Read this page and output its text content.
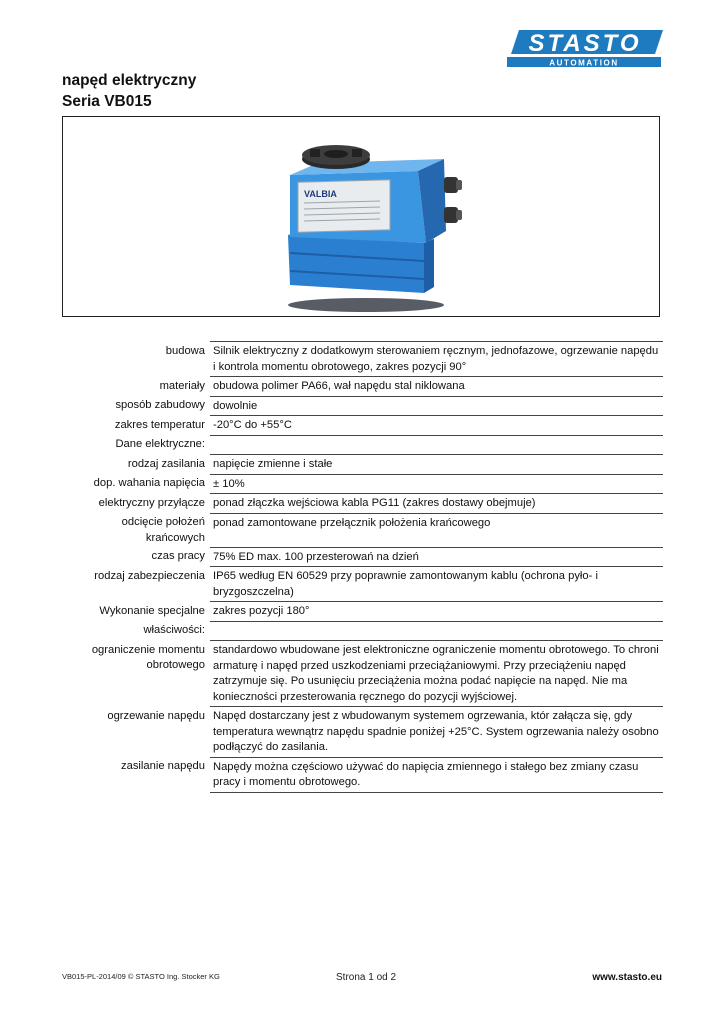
STASTO
AUTOMATION
napęd elektryczny
Seria VB015
VALBIA
budowa	Silnik elektryczny z dodatkowym sterowaniem ręcznym, jednofazowe, ogrzewanie napędu i kontrola momentu obrotowego, zakres pozycji 90°
materiały	obudowa polimer PA66, wał napędu stal niklowana
sposób zabudowy	dowolnie
zakres temperatur	-20°C do +55°C
Dane elektryczne:	
rodzaj zasilania	napięcie zmienne i stałe
dop. wahania napięcia	± 10%
elektryczny przyłącze	ponad złączka wejściowa kabla PG11 (zakres dostawy obejmuje)
odcięcie położeń krańcowych	ponad zamontowane przełącznik położenia krańcowego
czas pracy	75% ED max. 100 przesterowań na dzień
rodzaj zabezpieczenia	IP65 według EN 60529 przy poprawnie zamontowanym kablu (ochrona pyło- i bryzgoszczelna)
Wykonanie specjalne	zakres pozycji 180°
właściwości:	
ograniczenie momentu obrotowego	standardowo wbudowane jest elektroniczne ograniczenie momentu obrotowego. To chroni armaturę i napęd przed uszkodzeniami przeciążaniowymi. Przy przeciążeniu napęd zatrzymuje się. Po usunięciu przeciążenia można podać napięcie na napęd. Nie ma konieczności przesterowania ręcznego do pozycji wyjściowej.
ogrzewanie napędu	Napęd dostarczany jest z wbudowanym systemem ogrzewania, któr załącza się, gdy temperatura wewnątrz napędu spadnie poniżej +25°C. System ogrzewania należy osobno podłączyć do zasilania.
zasilanie napędu	Napędy można częściowo używać do napięcia zmiennego i stałego bez zmiany czasu pracy i momentu obrotowego.
VB015-PL-2014/09 © STASTO Ing. Stocker KG	Strona 1 od 2	www.stasto.eu
